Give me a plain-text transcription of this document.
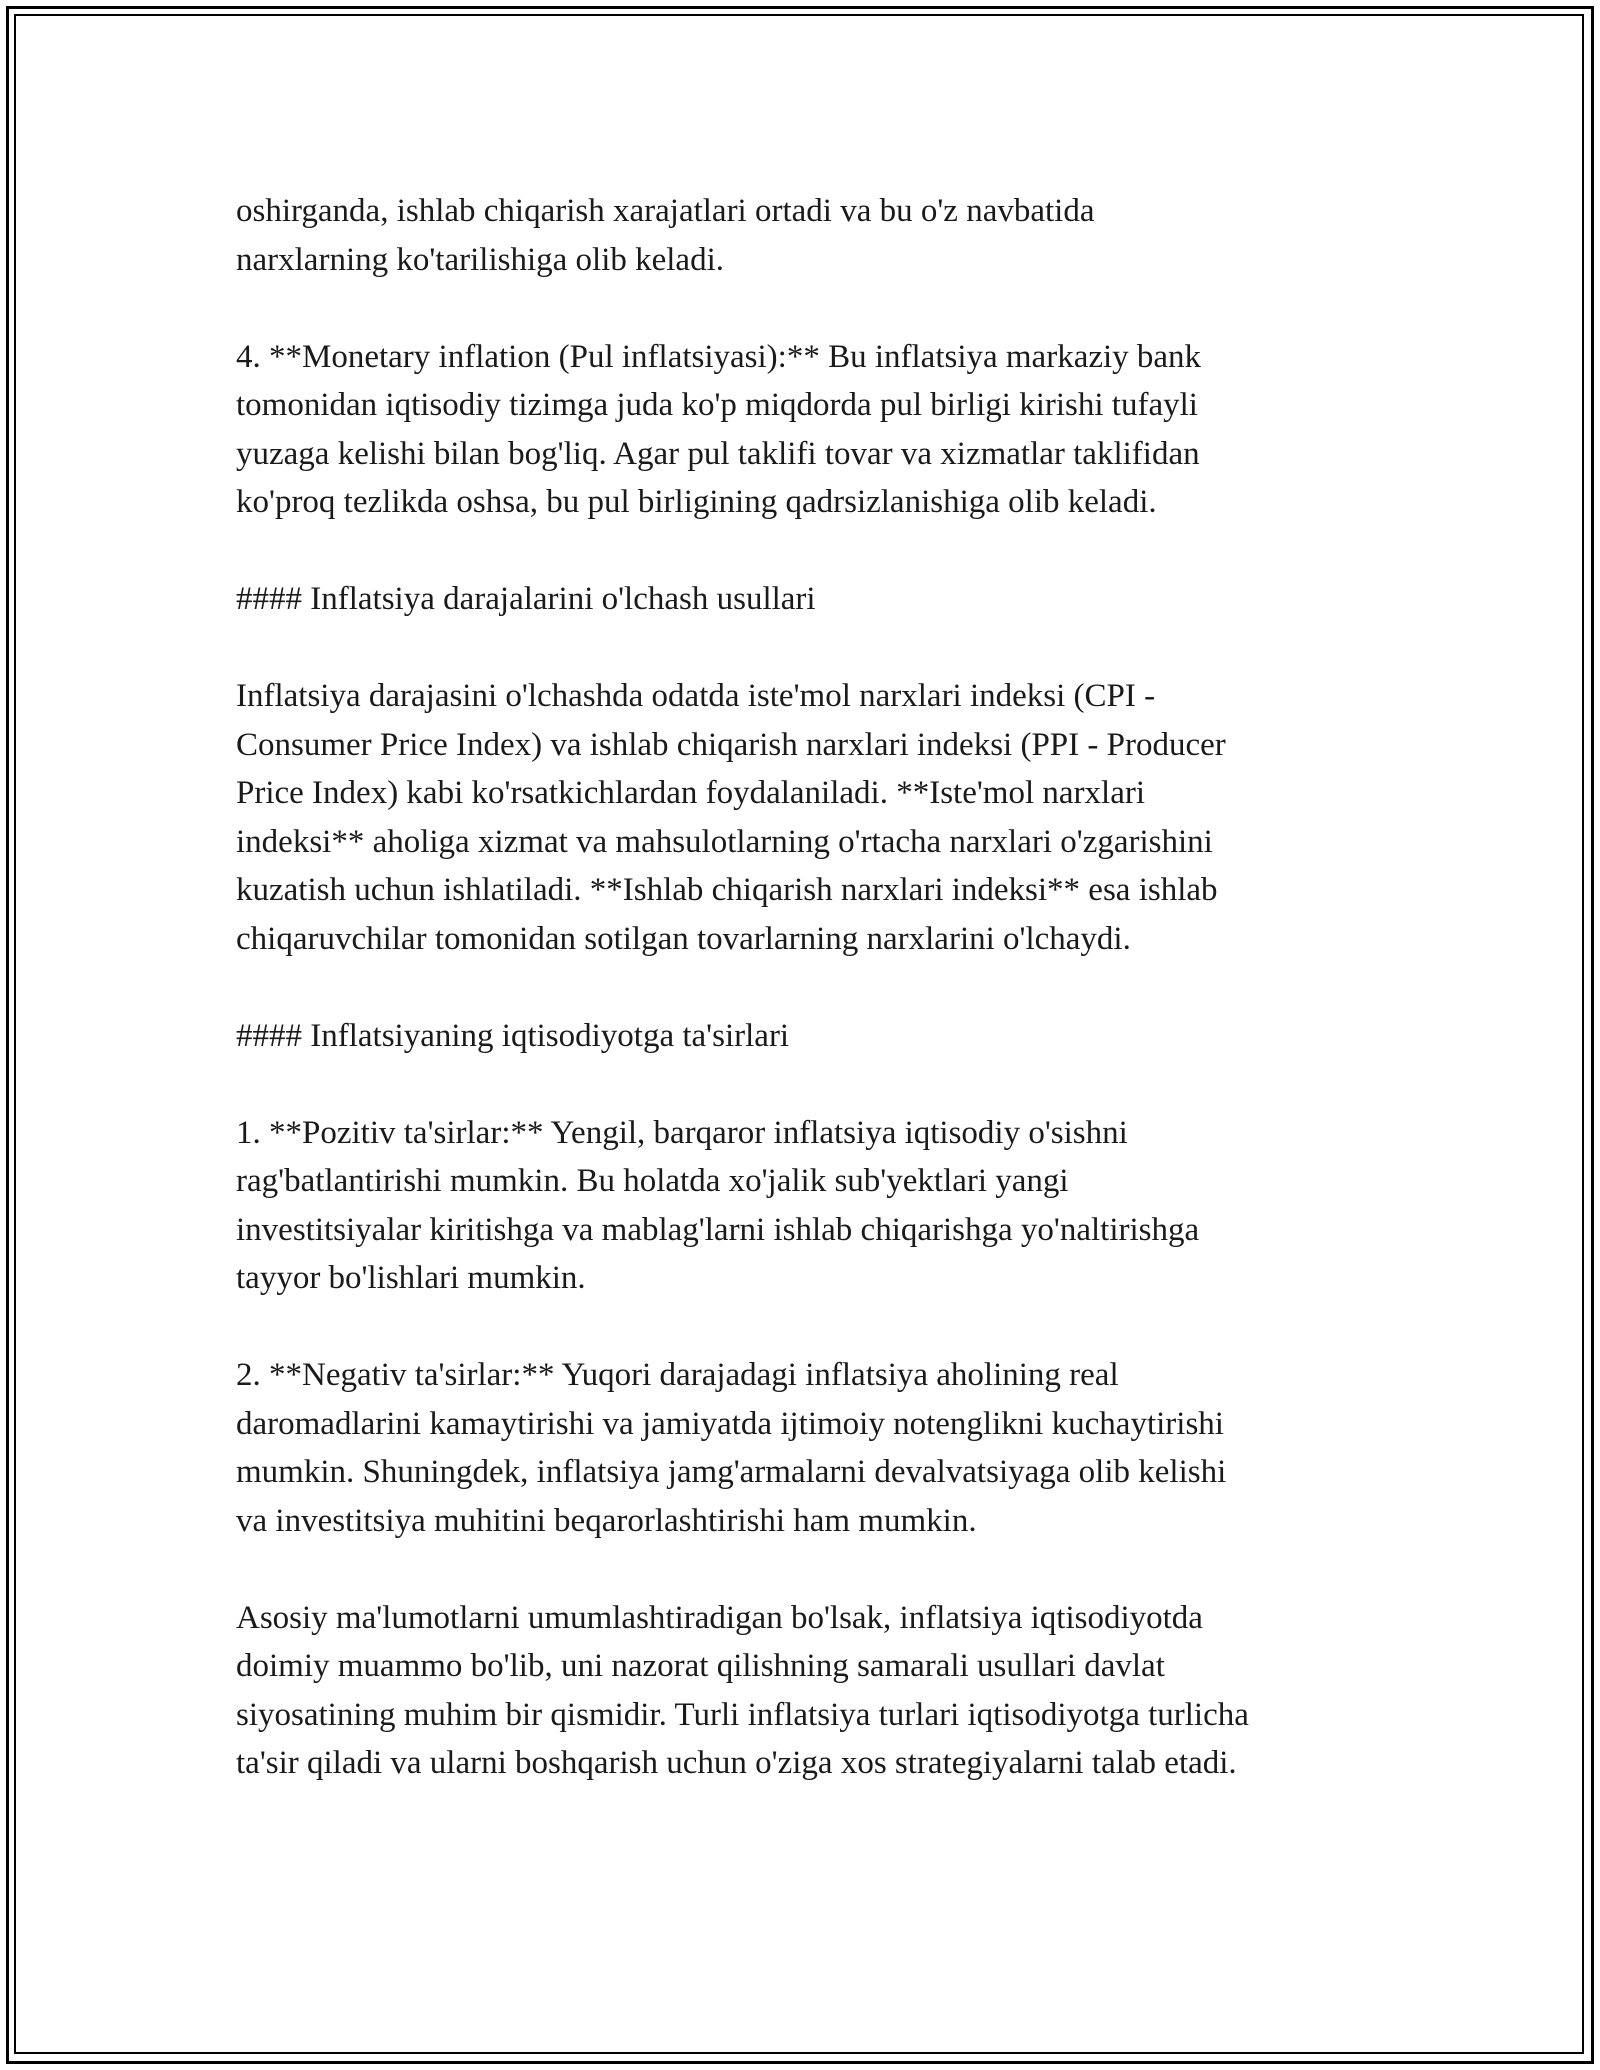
oshirganda, ishlab chiqarish xarajatlari ortadi va bu o'z navbatida
narxlarning ko'tarilishiga olib keladi.

4. **Monetary inflation (Pul inflatsiyasi):** Bu inflatsiya markaziy bank
tomonidan iqtisodiy tizimga juda ko'p miqdorda pul birligi kirishi tufayli
yuzaga kelishi bilan bog'liq. Agar pul taklifi tovar va xizmatlar taklifidan
ko'proq tezlikda oshsa, bu pul birligining qadrsizlanishiga olib keladi.

#### Inflatsiya darajalarini o'lchash usullari

Inflatsiya darajasini o'lchashda odatda iste'mol narxlari indeksi (CPI -
Consumer Price Index) va ishlab chiqarish narxlari indeksi (PPI - Producer
Price Index) kabi ko'rsatkichlardan foydalaniladi. **Iste'mol narxlari
indeksi** aholiga xizmat va mahsulotlarning o'rtacha narxlari o'zgarishini
kuzatish uchun ishlatiladi. **Ishlab chiqarish narxlari indeksi** esa ishlab
chiqaruvchilar tomonidan sotilgan tovarlarning narxlarini o'lchaydi.

#### Inflatsiyaning iqtisodiyotga ta'sirlari

1. **Pozitiv ta'sirlar:** Yengil, barqaror inflatsiya iqtisodiy o'sishni
rag'batlantirishi mumkin. Bu holatda xo'jalik sub'yektlari yangi
investitsiyalar kiritishga va mablag'larni ishlab chiqarishga yo'naltirishga
tayyor bo'lishlari mumkin.

2. **Negativ ta'sirlar:** Yuqori darajadagi inflatsiya aholining real
daromadlarini kamaytirishi va jamiyatda ijtimoiy notenglikni kuchaytirishi
mumkin. Shuningdek, inflatsiya jamg'armalarni devalvatsiyaga olib kelishi
va investitsiya muhitini beqarorlashtirishi ham mumkin.

Asosiy ma'lumotlarni umumlashtiradigan bo'lsak, inflatsiya iqtisodiyotda
doimiy muammo bo'lib, uni nazorat qilishning samarali usullari davlat
siyosatining muhim bir qismidir. Turli inflatsiya turlari iqtisodiyotga turlicha
ta'sir qiladi va ularni boshqarish uchun o'ziga xos strategiyalarni talab etadi.
